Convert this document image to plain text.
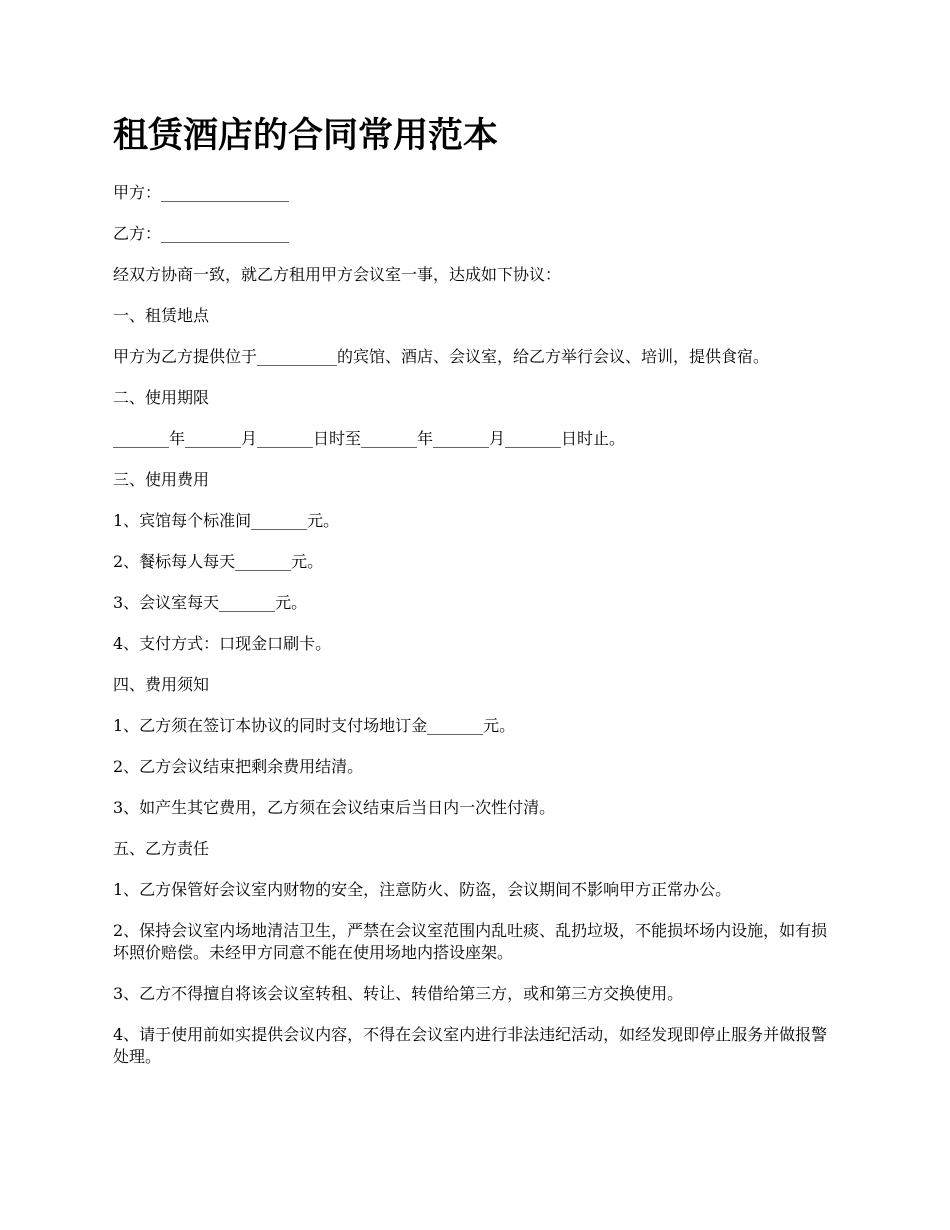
租赁酒店的合同常用范本

甲方：________________

乙方：________________

经双方协商一致，就乙方租用甲方会议室一事，达成如下协议：

一、租赁地点

甲方为乙方提供位于__________的宾馆、酒店、会议室，给乙方举行会议、培训，提供食宿。

二、使用期限

_______年_______月_______日时至_______年_______月_______日时止。

三、使用费用

1、宾馆每个标准间_______元。

2、餐标每人每天_______元。

3、会议室每天_______元。

4、支付方式：口现金口刷卡。

四、费用须知

1、乙方须在签订本协议的同时支付场地订金_______元。

2、乙方会议结束把剩余费用结清。

3、如产生其它费用，乙方须在会议结束后当日内一次性付清。

五、乙方责任

1、乙方保管好会议室内财物的安全，注意防火、防盗，会议期间不影响甲方正常办公。

2、保持会议室内场地清洁卫生，严禁在会议室范围内乱吐痰、乱扔垃圾，不能损坏场内设施，如有损坏照价赔偿。未经甲方同意不能在使用场地内搭设座架。

3、乙方不得擅自将该会议室转租、转让、转借给第三方，或和第三方交换使用。

4、请于使用前如实提供会议内容，不得在会议室内进行非法违纪活动，如经发现即停止服务并做报警处理。
